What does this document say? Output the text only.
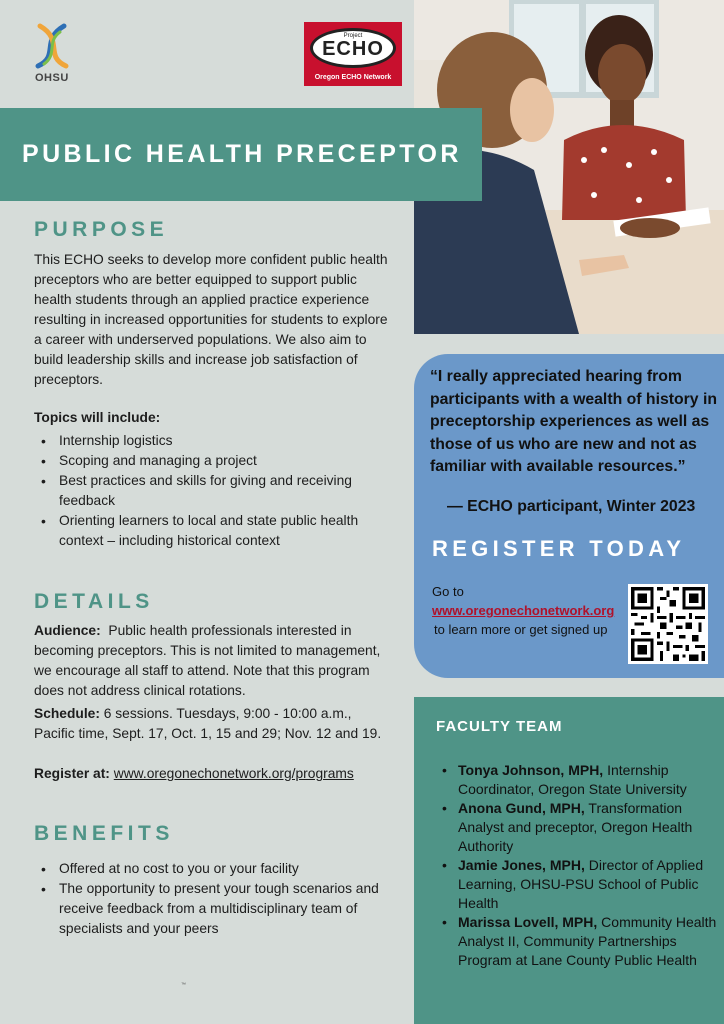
OHSU
Project
ECHO
Oregon ECHO Network
PUBLIC HEALTH PRECEPTOR
PURPOSE
This ECHO seeks to develop more confident public health preceptors who are better equipped to support public health students through an applied practice experience resulting in increased opportunities for students to explore a career with underserved populations. We also aim to build leadership skills and increase job satisfaction of preceptors.
Topics will include:
• Internship logistics
• Scoping and managing a project
• Best practices and skills for giving and receiving feedback
• Orienting learners to local and state public health context – including historical context
DETAILS
Audience: Public health professionals interested in becoming preceptors. This is not limited to management, we encourage all staff to attend. Note that this program does not address clinical rotations.
Schedule: 6 sessions. Tuesdays, 9:00 - 10:00 a.m., Pacific time, Sept. 17, Oct. 1, 15 and 29; Nov. 12 and 19.
Register at: www.oregonechonetwork.org/programs
BENEFITS
• Offered at no cost to you or your facility
• The opportunity to present your tough scenarios and receive feedback from a multidisciplinary team of specialists and your peers
™
“I really appreciated hearing from participants with a wealth of history in preceptorship experiences as well as those of us who are new and not as familiar with available resources.”
— ECHO participant, Winter 2023
REGISTER TODAY
Go to
www.oregonechonetwork.org
to learn more or get signed up
FACULTY TEAM
• Tonya Johnson, MPH, Internship Coordinator, Oregon State University
• Anona Gund, MPH, Transformation Analyst and preceptor, Oregon Health Authority
• Jamie Jones, MPH, Director of Applied Learning, OHSU-PSU School of Public Health
• Marissa Lovell, MPH, Community Health Analyst II, Community Partnerships Program at Lane County Public Health
